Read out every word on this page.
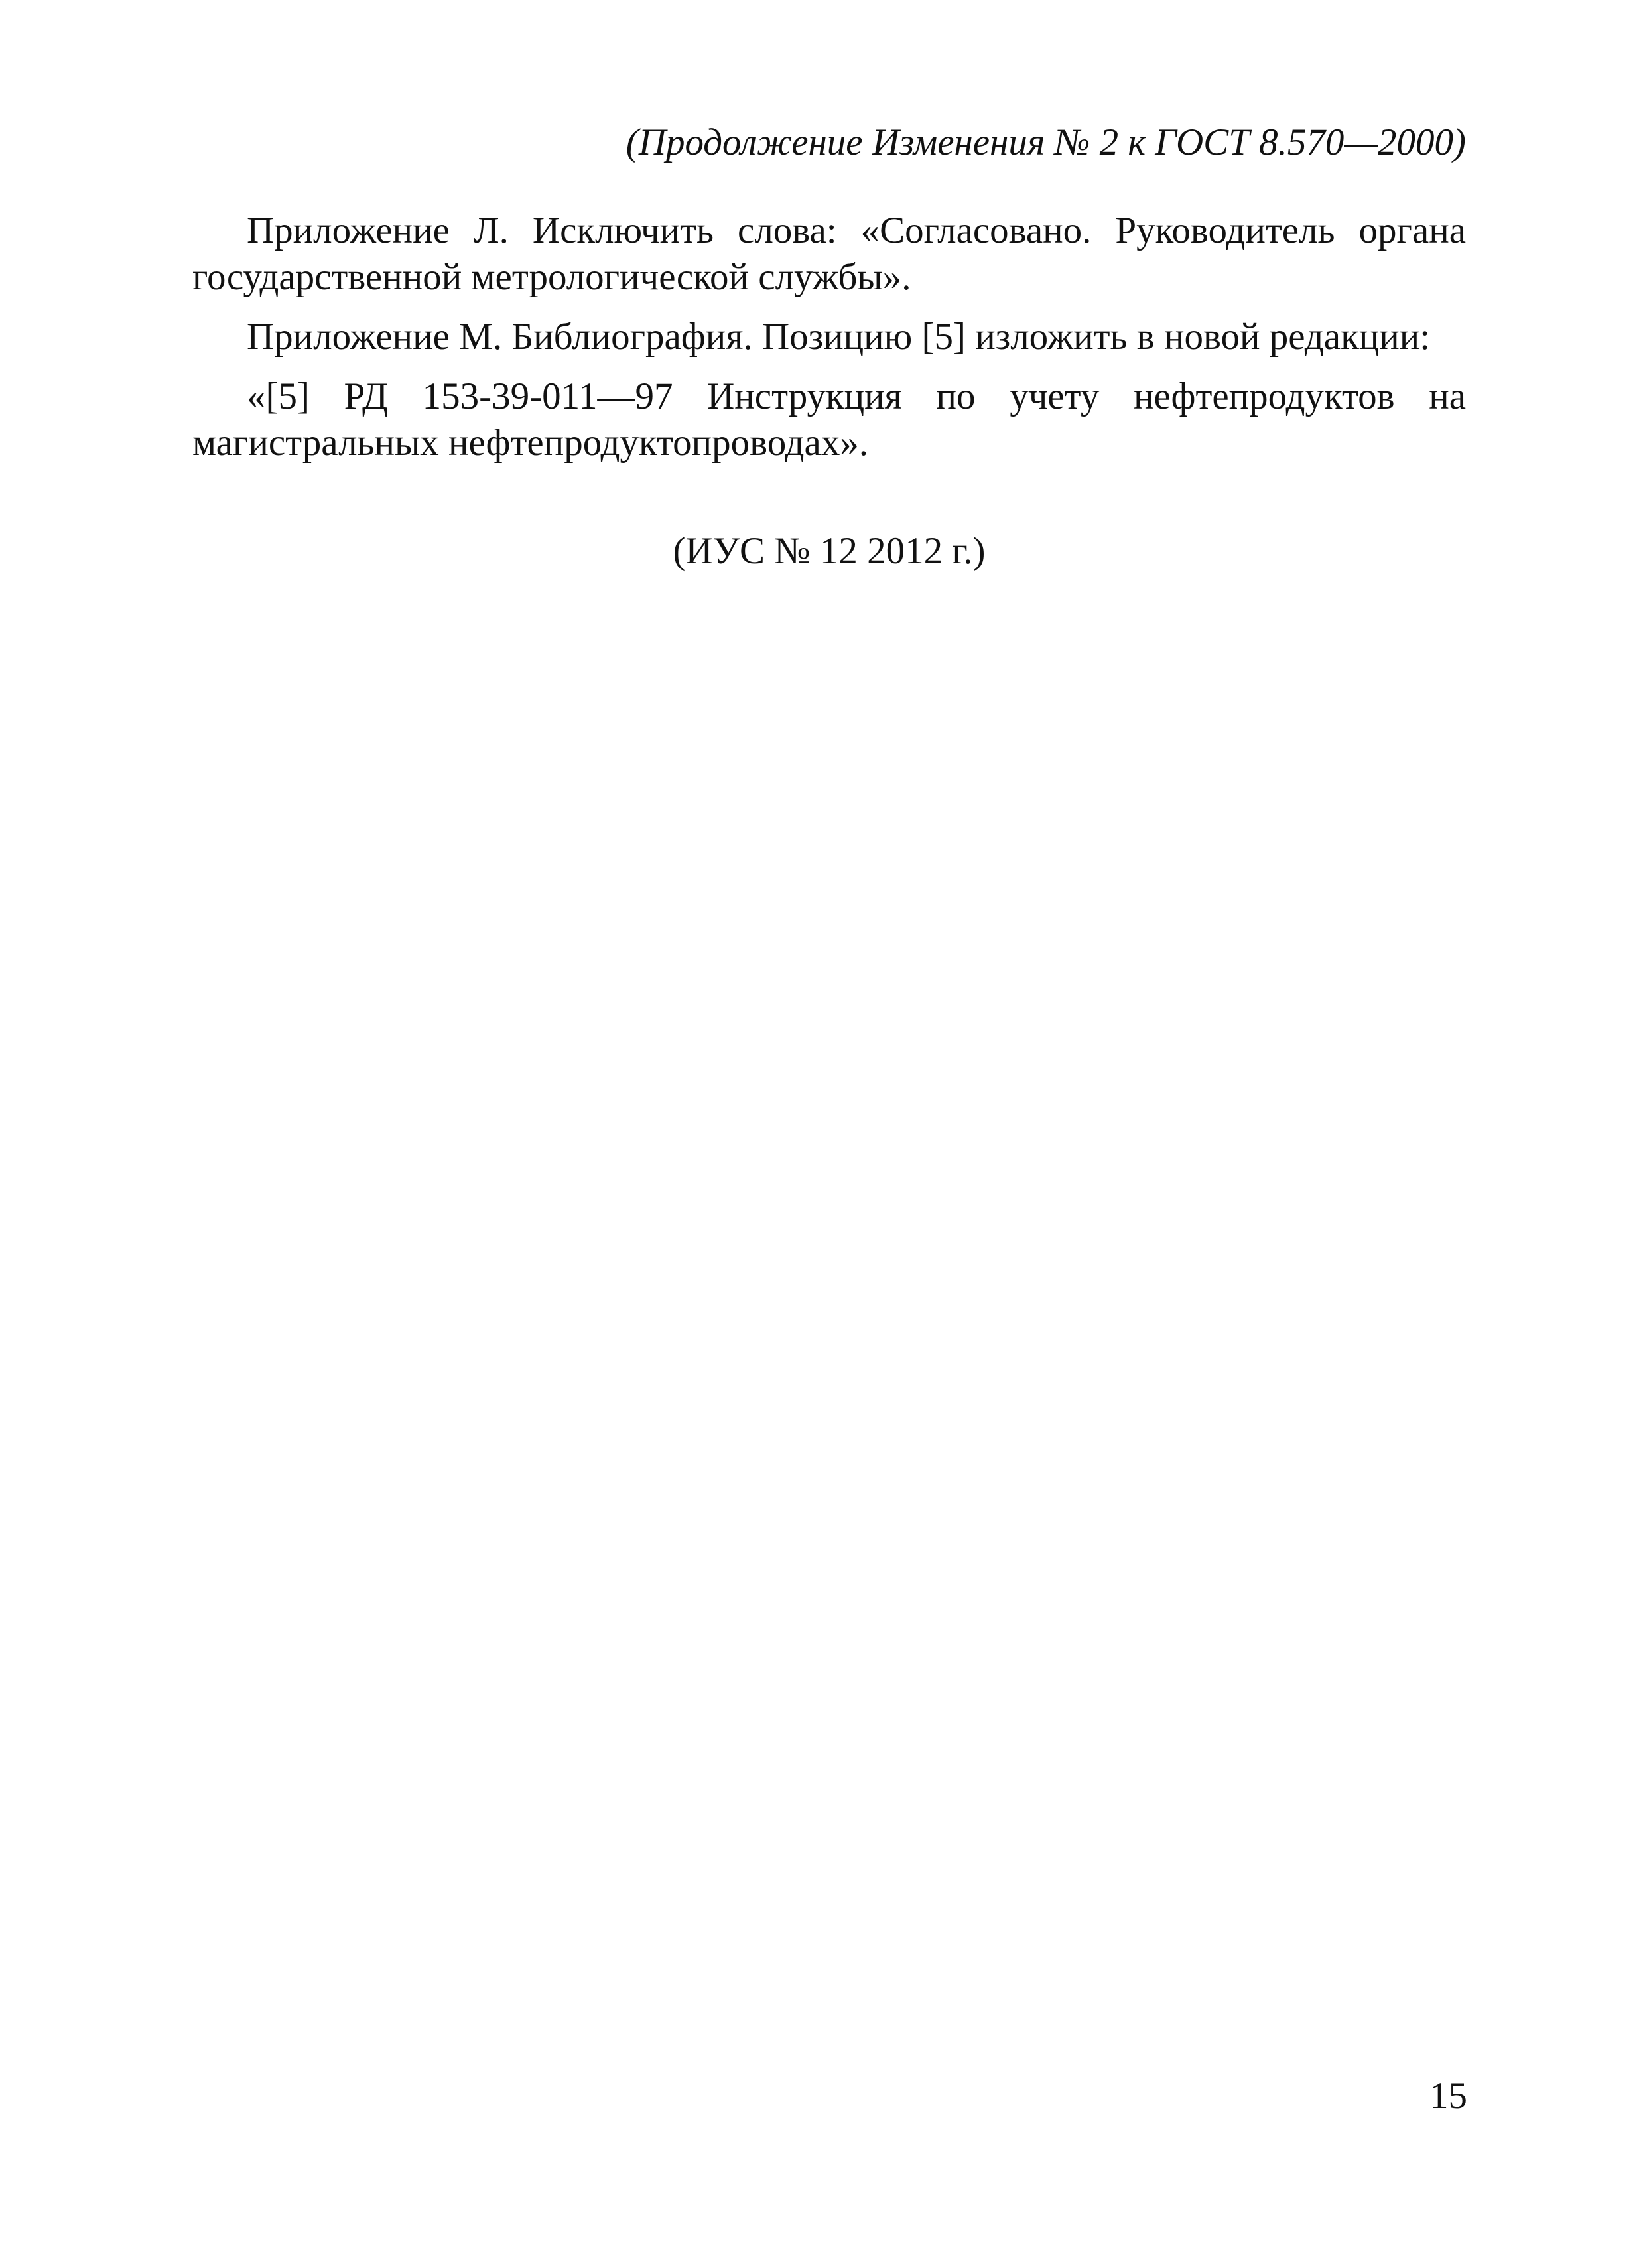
(Продолжение Изменения № 2 к ГОСТ 8.570—2000)

Приложение Л. Исключить слова: «Согласовано. Руководитель органа государственной метрологической службы».

Приложение М. Библиография. Позицию [5] изложить в новой редакции:

«[5] РД 153-39-011—97 Инструкция по учету нефтепродуктов на магистральных нефтепродуктопроводах».

(ИУС № 12 2012 г.)
15
